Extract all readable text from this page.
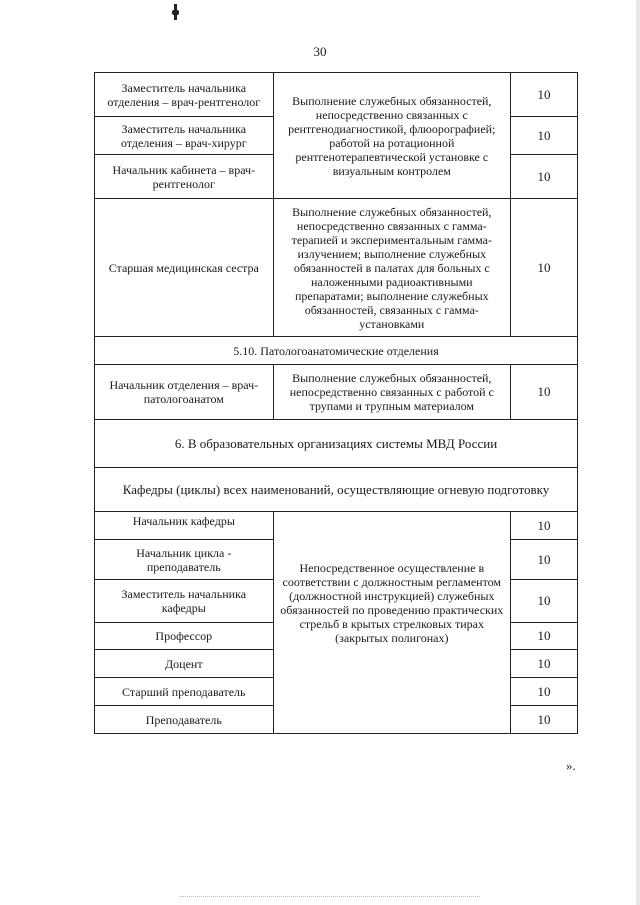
30
Заместитель начальника отделения – врач-рентгенолог	Выполнение служебных обязанностей, непосредственно связанных с рентгенодиагностикой, флюорографией; работой на ротационной рентгенотерапевтической установке с визуальным контролем	10
Заместитель начальника отделения – врач-хирург		10
Начальник кабинета – врач-рентгенолог		10
Старшая медицинская сестра	Выполнение служебных обязанностей, непосредственно связанных с гамма-терапией и экспериментальным гамма-излучением; выполнение служебных обязанностей в палатах для больных с наложенными радиоактивными препаратами; выполнение служебных обязанностей, связанных с гамма-установками	10
5.10. Патологоанатомические отделения		
Начальник отделения – врач-патологоанатом	Выполнение служебных обязанностей, непосредственно связанных с работой с трупами и трупным материалом	10
6. В образовательных организациях системы МВД России		
Кафедры (циклы) всех наименований, осуществляющие огневую подготовку		
Начальник кафедры	Непосредственное осуществление в соответствии с должностным регламентом (должностной инструкцией) служебных обязанностей по проведению практических стрельб в крытых стрелковых тирах (закрытых полигонах)	10
Начальник цикла - преподаватель		10
Заместитель начальника кафедры		10
Профессор		10
Доцент		10
Старший преподаватель		10
Преподаватель		10
».
